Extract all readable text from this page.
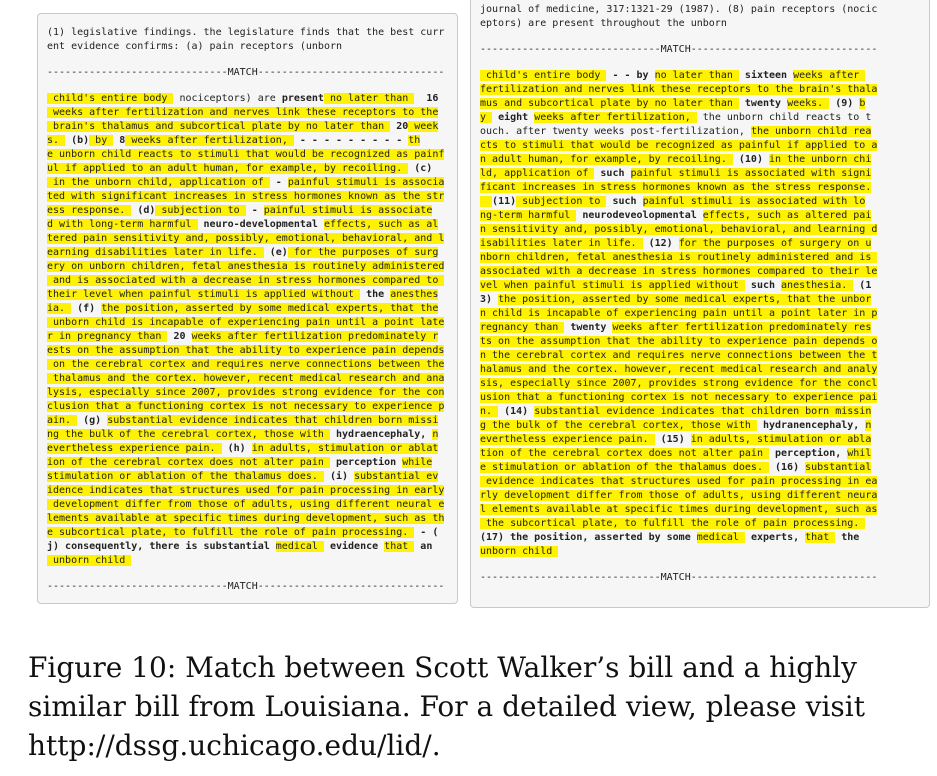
(1) legislative findings. the legislature finds that the best curr
ent evidence confirms: (a) pain receptors (unborn
------------------------------MATCH-------------------------------
child's entire body  nociceptors) are present no later than   16
weeks after fertilization and nerves link these receptors to the
brain's thalamus and subcortical plate by no later than  20 week
s.  (b) by  8 weeks after fertilization,  - - - - - - - - - th
e unborn child reacts to stimuli that would be recognized as painf
ul if applied to an adult human, for example, by recoiling.  (c)
in the unborn child, application of  - painful stimuli is associa
ted with significant increases in stress hormones known as the str
ess response.  (d) subjection to  - painful stimuli is associate
d with long-term harmful  neuro-developmental effects, such as al
tered pain sensitivity and, possibly, emotional, behavioral, and l
earning disabilities later in life.  (e) for the purposes of surg
ery on unborn children, fetal anesthesia is routinely administered
and is associated with a decrease in stress hormones compared to
their level when painful stimuli is applied without  the anesthes
ia.  (f) the position, asserted by some medical experts, that the
unborn child is incapable of experiencing pain until a point late
r in pregnancy than  20 weeks after fertilization predominately r
ests on the assumption that the ability to experience pain depends
on the cerebral cortex and requires nerve connections between the
thalamus and the cortex. however, recent medical research and ana
lysis, especially since 2007, provides strong evidence for the con
clusion that a functioning cortex is not necessary to experience p
ain.  (g) substantial evidence indicates that children born missi
ng the bulk of the cerebral cortex, those with  hydraencephaly, n
evertheless experience pain.  (h) in adults, stimulation or ablat
ion of the cerebral cortex does not alter pain  perception while
stimulation or ablation of the thalamus does.  (i) substantial ev
idence indicates that structures used for pain processing in early
development differ from those of adults, using different neural e
lements available at specific times during development, such as th
e subcortical plate, to fulfill the role of pain processing.  - (
j) consequently, there is substantial medical  evidence that  an
unborn child
------------------------------MATCH-------------------------------
journal of medicine, 317:1321-29 (1987). (8) pain receptors (nocic
eptors) are present throughout the unborn
------------------------------MATCH-------------------------------
child's entire body  - - by no later than  sixteen weeks after
fertilization and nerves link these receptors to the brain's thala
mus and subcortical plate by no later than  twenty weeks.  (9) b
y  eight weeks after fertilization,  the unborn child reacts to t
ouch. after twenty weeks post-fertilization, the unborn child rea
cts to stimuli that would be recognized as painful if applied to a
n adult human, for example, by recoiling.  (10) in the unborn chi
ld, application of  such painful stimuli is associated with signi
ficant increases in stress hormones known as the stress response.
(11) subjection to  such painful stimuli is associated with lo
ng-term harmful  neurodeveolopmental effects, such as altered pai
n sensitivity and, possibly, emotional, behavioral, and learning d
isabilities later in life.  (12) for the purposes of surgery on u
nborn children, fetal anesthesia is routinely administered and is
associated with a decrease in stress hormones compared to their le
vel when painful stimuli is applied without  such anesthesia.  (1
3) the position, asserted by some medical experts, that the unbor
n child is incapable of experiencing pain until a point later in p
regnancy than  twenty weeks after fertilization predominately res
ts on the assumption that the ability to experience pain depends o
n the cerebral cortex and requires nerve connections between the t
halamus and the cortex. however, recent medical research and analy
sis, especially since 2007, provides strong evidence for the concl
usion that a functioning cortex is not necessary to experience pai
n.  (14) substantial evidence indicates that children born missin
g the bulk of the cerebral cortex, those with  hydranencephaly, n
evertheless experience pain.  (15) in adults, stimulation or abla
tion of the cerebral cortex does not alter pain  perception, whil
e stimulation or ablation of the thalamus does.  (16) substantial
evidence indicates that structures used for pain processing in ea
rly development differ from those of adults, using different neura
l elements available at specific times during development, such as
the subcortical plate, to fulfill the role of pain processing.
(17) the position, asserted by some medical  experts, that  the
unborn child
------------------------------MATCH-------------------------------
Figure 10: Match between Scott Walker’s bill and a highly
similar bill from Louisiana. For a detailed view, please visit
http://dssg.uchicago.edu/lid/.
